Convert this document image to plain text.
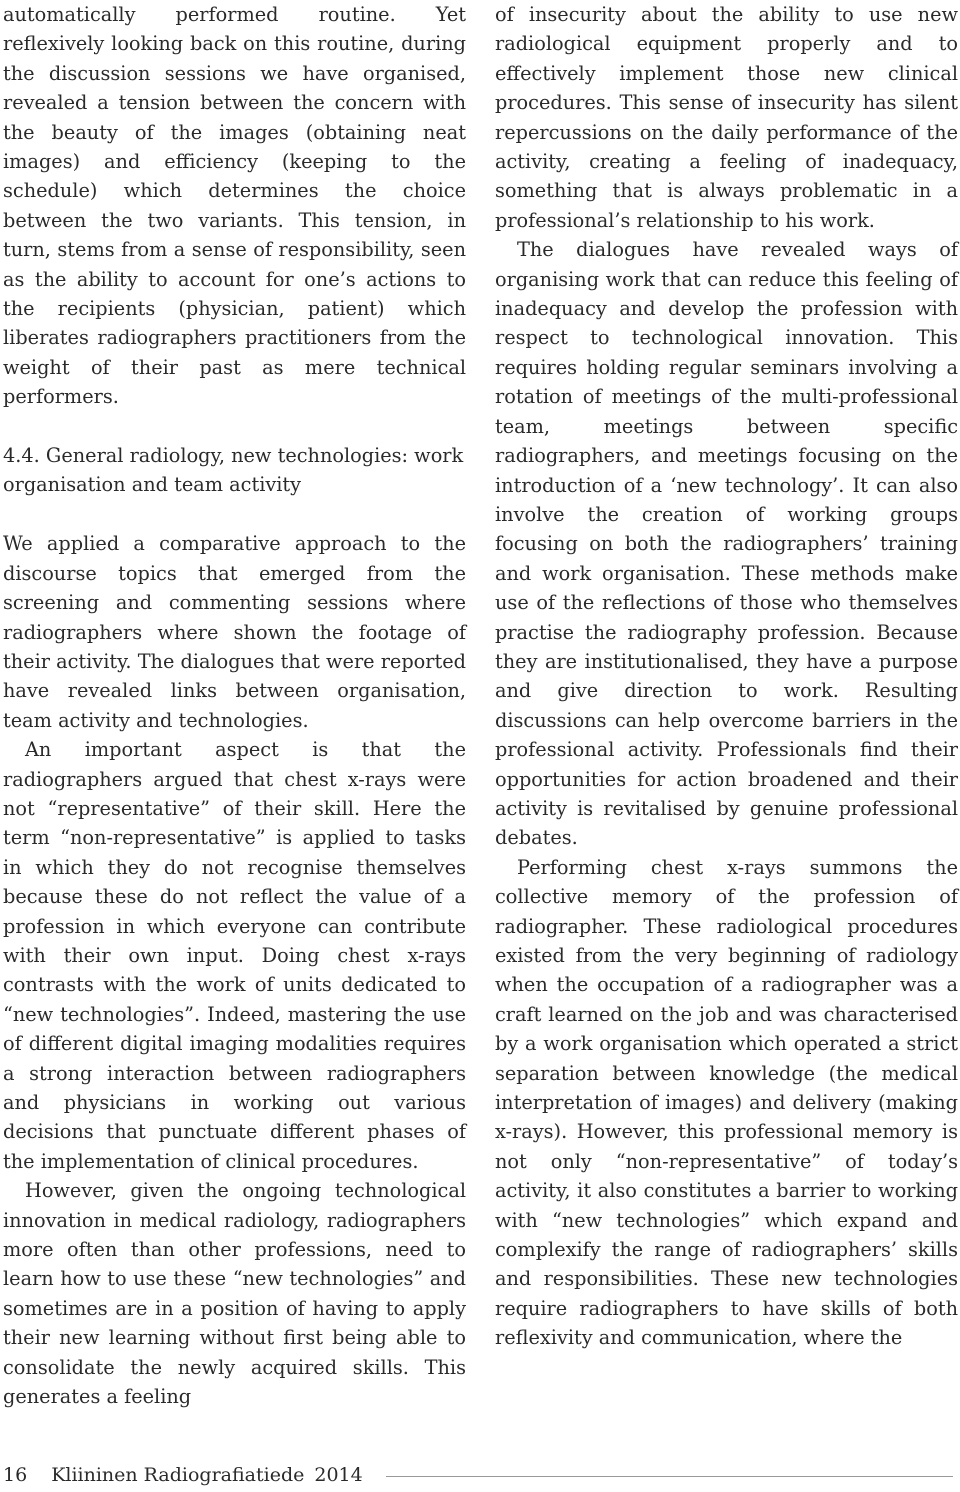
automatically performed routine. Yet reflexively looking back on this routine, during the discussion sessions we have organised, revealed a tension between the concern with the beauty of the images (obtaining neat images) and efficiency (keeping to the schedule) which determines the choice between the two variants. This tension, in turn, stems from a sense of responsibility, seen as the ability to account for one’s actions to the recipients (physician, patient) which liberates radiographers practitioners from the weight of their past as mere technical performers.

4.4. General radiology, new technologies: work organisation and team activity

We applied a comparative approach to the discourse topics that emerged from the screening and commenting sessions where radiographers where shown the footage of their activity. The dialogues that were reported have revealed links between organisation, team activity and technologies.

An important aspect is that the radiographers argued that chest x-rays were not “representative” of their skill. Here the term “non-representative” is applied to tasks in which they do not recognise themselves because these do not reflect the value of a profession in which everyone can contribute with their own input. Doing chest x-rays contrasts with the work of units dedicated to “new technologies”. Indeed, mastering the use of different digital imaging modalities requires a strong interaction between radiographers and physicians in working out various decisions that punctuate different phases of the implementation of clinical procedures.

However, given the ongoing technological innovation in medical radiology, radiographers more often than other professions, need to learn how to use these “new technologies” and sometimes are in a position of having to apply their new learning without first being able to consolidate the newly acquired skills. This generates a feeling

of insecurity about the ability to use new radiological equipment properly and to effectively implement those new clinical procedures. This sense of insecurity has silent repercussions on the daily performance of the activity, creating a feeling of inadequacy, something that is always problematic in a professional’s relationship to his work.

The dialogues have revealed ways of organising work that can reduce this feeling of inadequacy and develop the profession with respect to technological innovation. This requires holding regular seminars involving a rotation of meetings of the multi-professional team, meetings between specific radiographers, and meetings focusing on the introduction of a ‘new technology’. It can also involve the creation of working groups focusing on both the radiographers’ training and work organisation. These methods make use of the reflections of those who themselves practise the radiography profession. Because they are institutionalised, they have a purpose and give direction to work. Resulting discussions can help overcome barriers in the professional activity. Professionals find their opportunities for action broadened and their activity is revitalised by genuine professional debates.

Performing chest x-rays summons the collective memory of the profession of radiographer. These radiological procedures existed from the very beginning of radiology when the occupation of a radiographer was a craft learned on the job and was characterised by a work organisation which operated a strict separation between knowledge (the medical interpretation of images) and delivery (making x-rays). However, this professional memory is not only “non-representative” of today’s activity, it also constitutes a barrier to working with “new technologies” which expand and complexify the range of radiographers’ skills and responsibilities. These new technologies require radiographers to have skills of both reflexivity and communication, where the

16 Kliininen Radiografiatiede 2014
